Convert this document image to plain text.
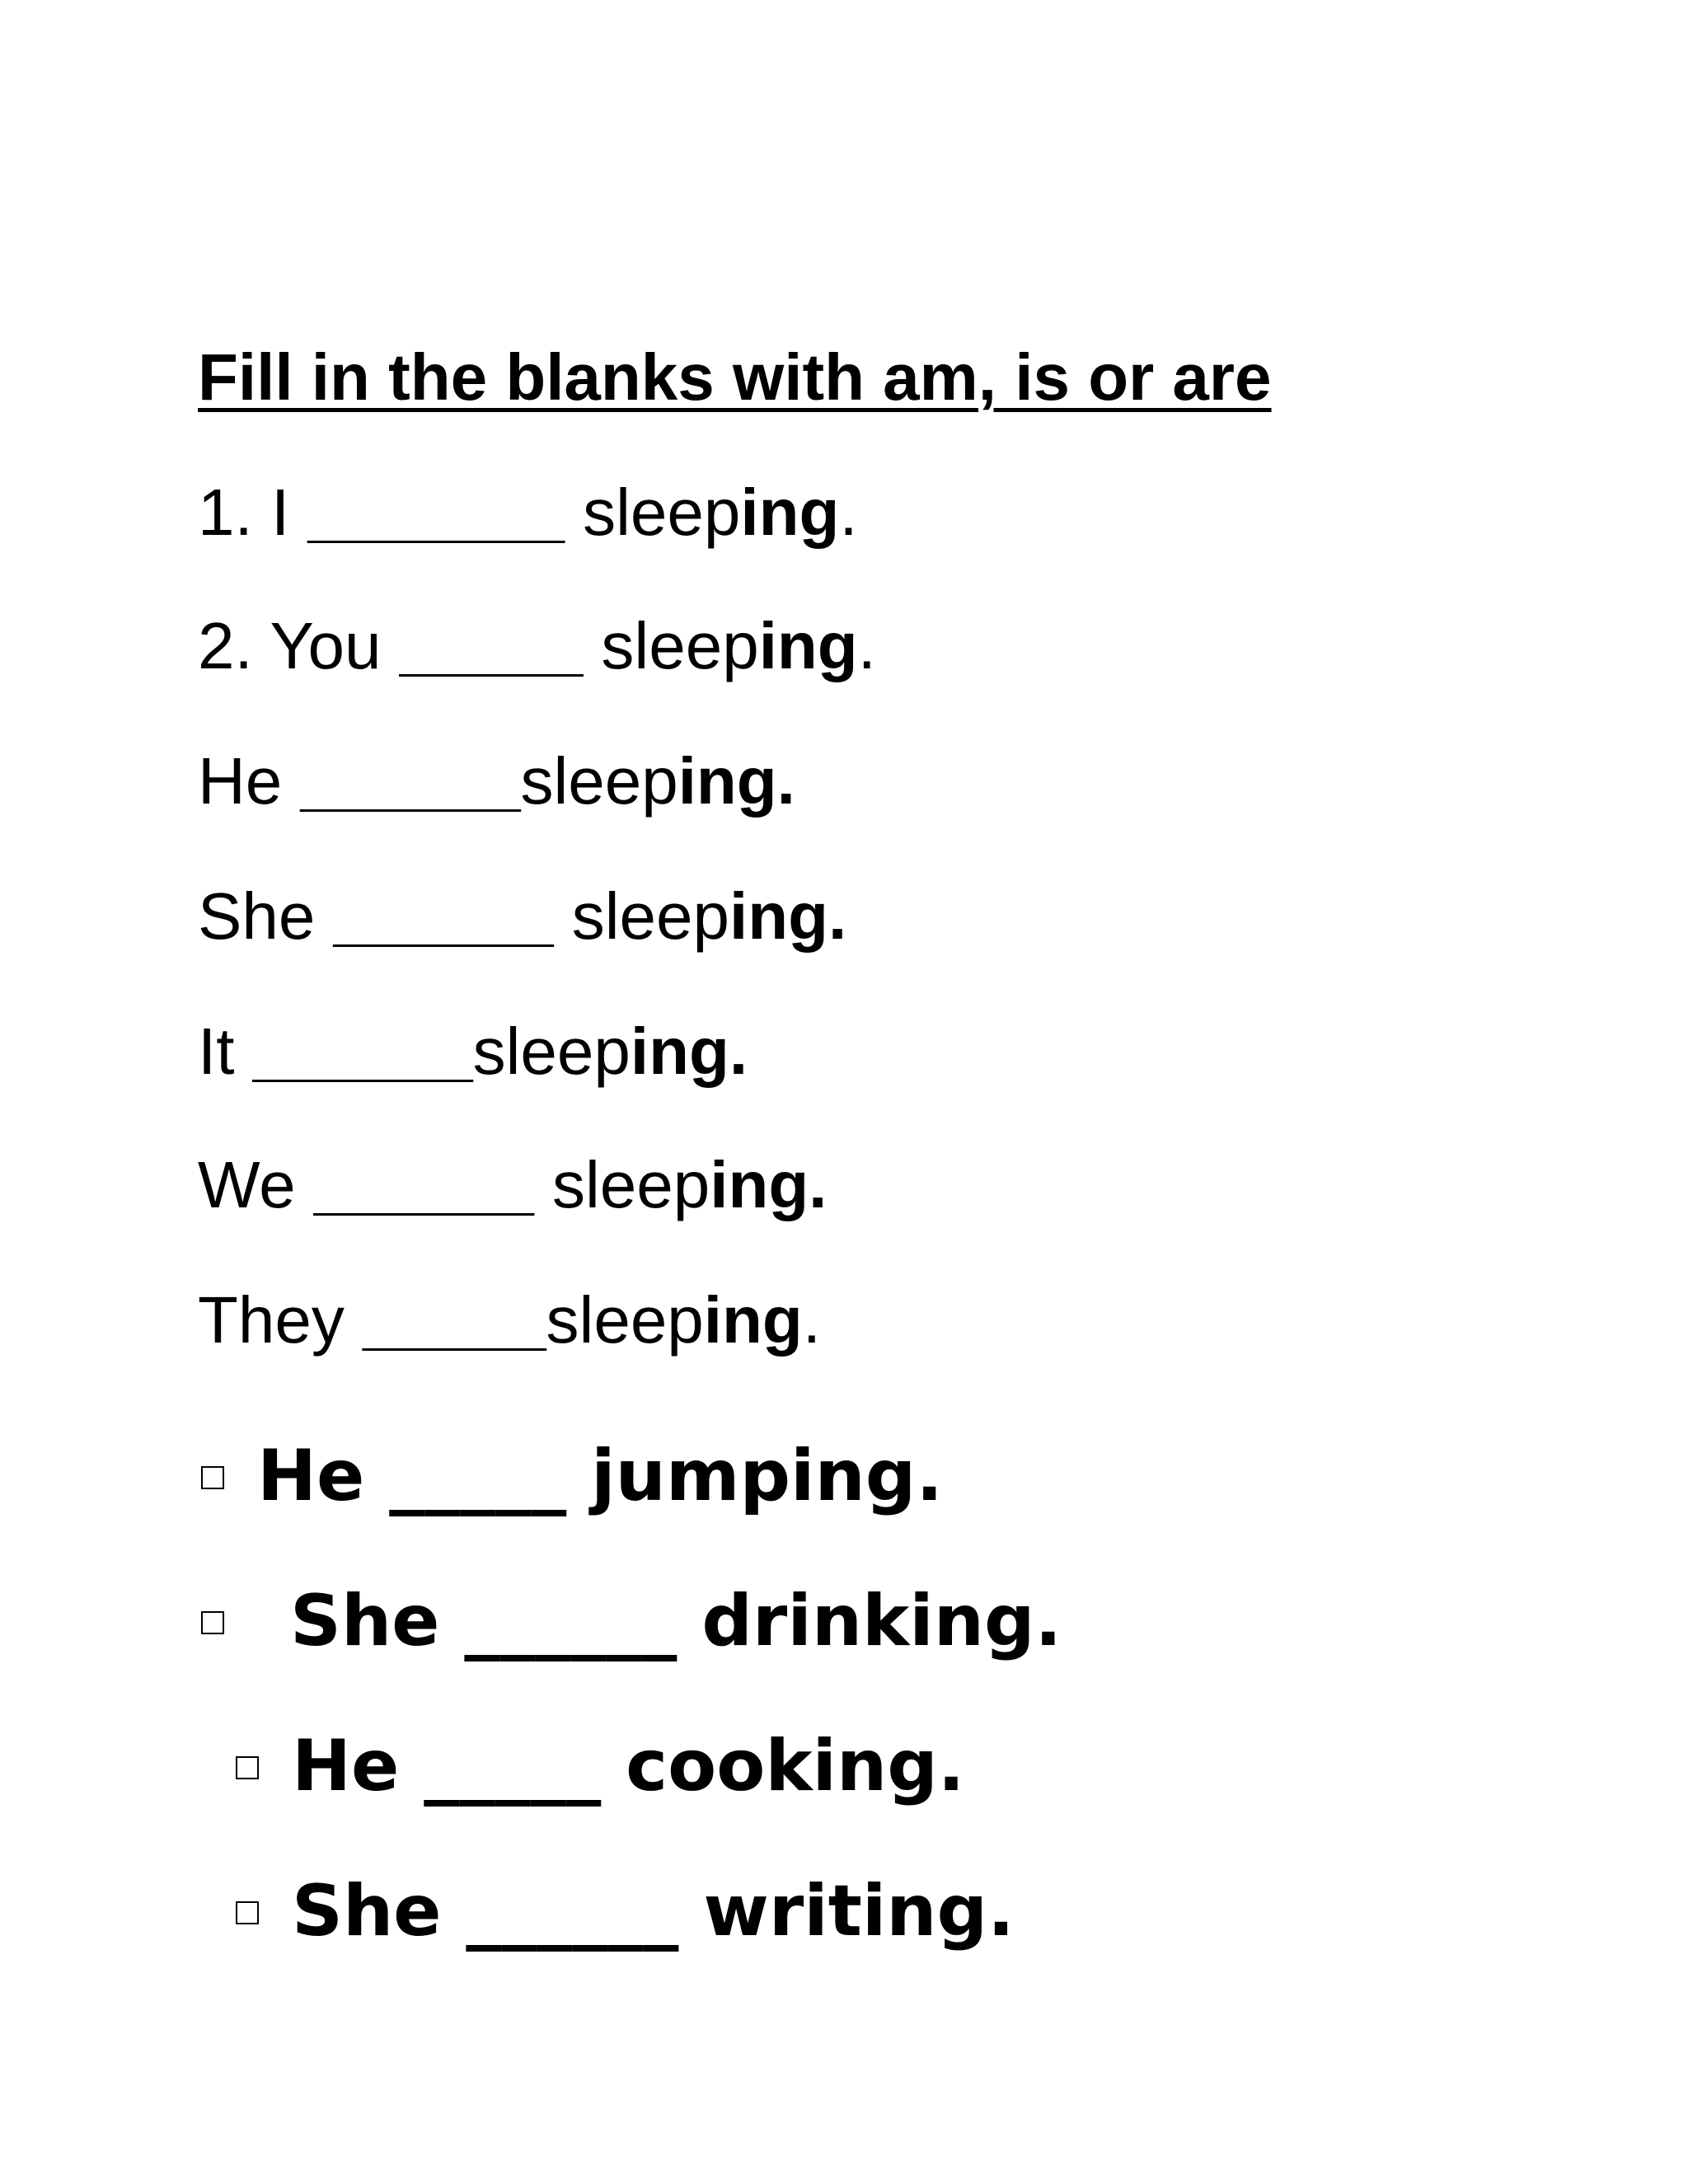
Fill in the blanks with am, is or are
1. I _______ sleeping.
2. You _____ sleeping.
He ______sleeping.
She ______ sleeping.
It ______sleeping.
We ______ sleeping.
They _____sleeping.
He _____ jumping.
She ______ drinking.
He _____ cooking.
She ______ writing.
